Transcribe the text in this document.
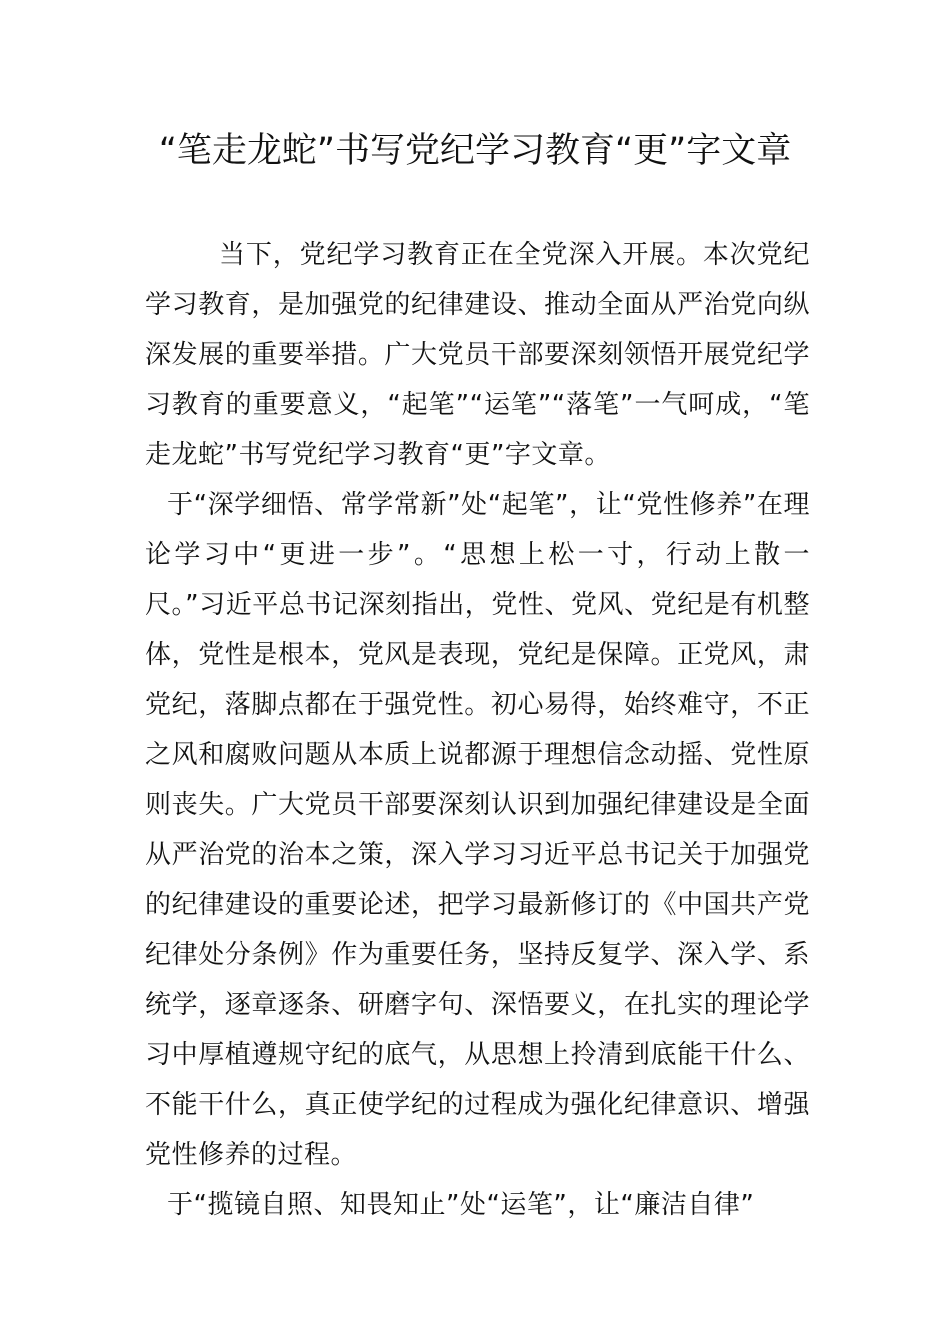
“笔走龙蛇”书写党纪学习教育“更”字文章

当下，党纪学习教育正在全党深入开展。本次党纪学习教育，是加强党的纪律建设、推动全面从严治党向纵深发展的重要举措。广大党员干部要深刻领悟开展党纪学习教育的重要意义，“起笔”“运笔”“落笔”一气呵成，“笔走龙蛇”书写党纪学习教育“更”字文章。

于“深学细悟、常学常新”处“起笔”，让“党性修养”在理论学习中“更进一步”。“思想上松一寸，行动上散一尺。”习近平总书记深刻指出，党性、党风、党纪是有机整体，党性是根本，党风是表现，党纪是保障。正党风，肃党纪，落脚点都在于强党性。初心易得，始终难守，不正之风和腐败问题从本质上说都源于理想信念动摇、党性原则丧失。广大党员干部要深刻认识到加强纪律建设是全面从严治党的治本之策，深入学习习近平总书记关于加强党的纪律建设的重要论述，把学习最新修订的《中国共产党纪律处分条例》作为重要任务，坚持反复学、深入学、系统学，逐章逐条、研磨字句、深悟要义，在扎实的理论学习中厚植遵规守纪的底气，从思想上拎清到底能干什么、不能干什么，真正使学纪的过程成为强化纪律意识、增强党性修养的过程。

于“揽镜自照、知畏知止”处“运笔”，让“廉洁自律”
